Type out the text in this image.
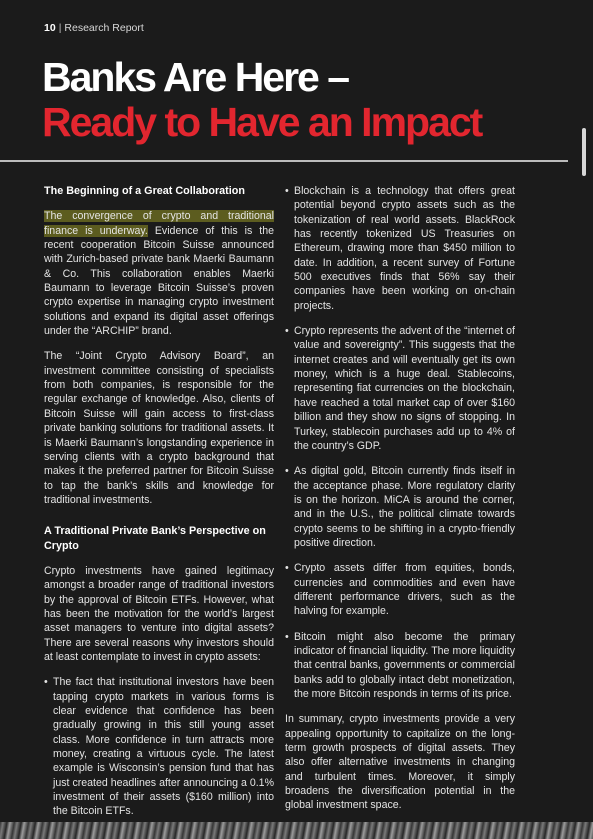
10 | Research Report
Banks Are Here –
Ready to Have an Impact
The Beginning of a Great Collaboration

The convergence of crypto and traditional finance is underway. Evidence of this is the recent cooperation Bitcoin Suisse announced with Zurich-based private bank Maerki Baumann & Co. This collaboration enables Maerki Baumann to leverage Bitcoin Suisse’s proven crypto expertise in managing crypto investment solutions and expand its digital asset offerings under the “ARCHIP” brand.

The “Joint Crypto Advisory Board”, an investment committee consisting of specialists from both companies, is responsible for the regular exchange of knowledge. Also, clients of Bitcoin Suisse will gain access to first-class private banking solutions for traditional assets. It is Maerki Baumann’s longstanding experience in serving clients with a crypto background that makes it the preferred partner for Bitcoin Suisse to tap the bank’s skills and knowledge for traditional investments.

A Traditional Private Bank’s Perspective on Crypto

Crypto investments have gained legitimacy amongst a broader range of traditional investors by the approval of Bitcoin ETFs. However, what has been the motivation for the world’s largest asset managers to venture into digital assets? There are several reasons why investors should at least contemplate to invest in crypto assets:

• The fact that institutional investors have been tapping crypto markets in various forms is clear evidence that confidence has been gradually growing in this still young asset class. More confidence in turn attracts more money, creating a virtuous cycle. The latest example is Wisconsin’s pension fund that has just created headlines after announcing a 0.1% investment of their assets ($160 million) into the Bitcoin ETFs.
• Blockchain is a technology that offers great potential beyond crypto assets such as the tokenization of real world assets. BlackRock has recently tokenized US Treasuries on Ethereum, drawing more than $450 million to date. In addition, a recent survey of Fortune 500 executives finds that 56% say their companies have been working on on-chain projects.
• Crypto represents the advent of the “internet of value and sovereignty”. This suggests that the internet creates and will eventually get its own money, which is a huge deal. Stablecoins, representing fiat currencies on the blockchain, have reached a total market cap of over $160 billion and they show no signs of stopping. In Turkey, stablecoin purchases add up to 4% of the country’s GDP.
• As digital gold, Bitcoin currently finds itself in the acceptance phase. More regulatory clarity is on the horizon. MiCA is around the corner, and in the U.S., the political climate towards crypto seems to be shifting in a crypto-friendly positive direction.
• Crypto assets differ from equities, bonds, currencies and commodities and even have different performance drivers, such as the halving for example.
• Bitcoin might also become the primary indicator of financial liquidity. The more liquidity that central banks, governments or commercial banks add to globally intact debt monetization, the more Bitcoin responds in terms of its price.

In summary, crypto investments provide a very appealing opportunity to capitalize on the long-term growth prospects of digital assets. They also offer alternative investments in changing and turbulent times. Moreover, it simply broadens the diversification potential in the global investment space.
